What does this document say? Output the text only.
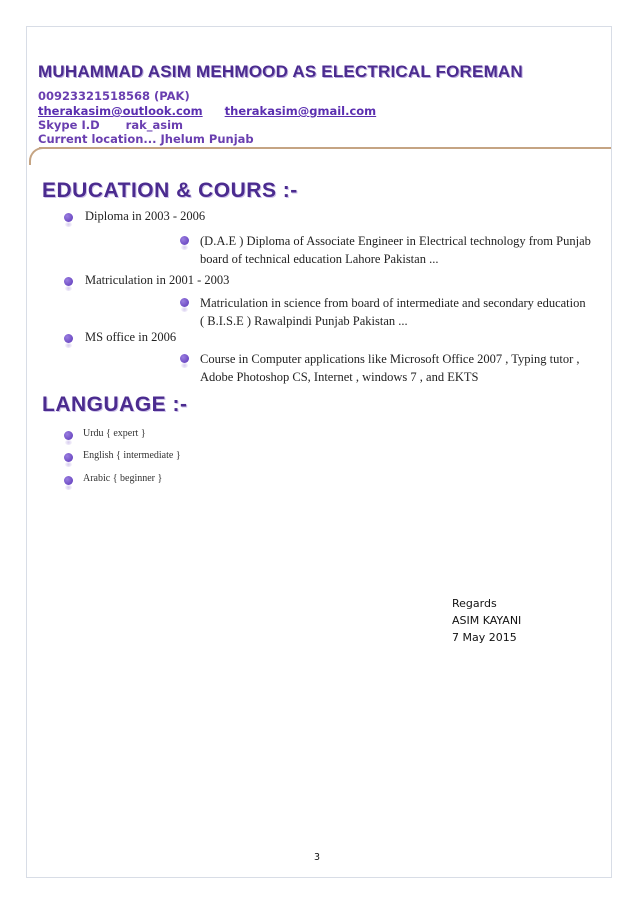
MUHAMMAD ASIM MEHMOOD AS ELECTRICAL FOREMAN
00923321518568 (PAK)
therakasim@outlook.com therakasim@gmail.com
Skype I.D rak_asim
Current location... Jhelum Punjab
EDUCATION & COURS :-
Diploma in 2003 - 2006
(D.A.E ) Diploma of Associate Engineer in Electrical technology from Punjab
board of technical education Lahore Pakistan ...
Matriculation in 2001 - 2003
Matriculation in science from board of intermediate and secondary education
( B.I.S.E ) Rawalpindi Punjab Pakistan ...
MS office in 2006
Course in Computer applications like Microsoft Office 2007 , Typing tutor ,
Adobe Photoshop CS, Internet , windows 7 , and EKTS
LANGUAGE :-
Urdu { expert }
English { intermediate }
Arabic { beginner }
Regards
ASIM KAYANI
7 May 2015
3
